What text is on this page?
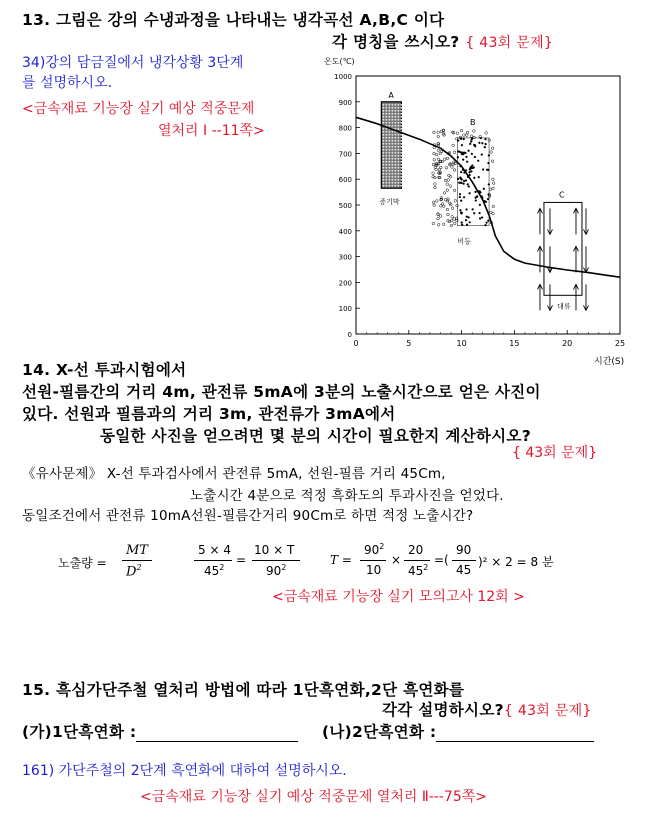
13. 그림은 강의 수냉과정을 나타내는 냉각곡선 A,B,C 이다
각 명칭을 쓰시오? { 43회 문제}
34)강의 담금질에서 냉각상황 3단계
를 설명하시오.
<금속재료 기능장 실기 예상 적중문제
열처리 Ⅰ --11쪽>
온도(℃)
시간(S)
0
100
200
300
400
500
600
700
800
900
1000
0	5	10	15	20	25
A
증기막
B
비등
C
대류
14. X-선 투과시험에서
선원-필름간의 거리 4m, 관전류 5mA에 3분의 노출시간으로 얻은 사진이
있다. 선원과 필름과의 거리 3m, 관전류가 3mA에서
동일한 사진을 얻으려면 몇 분의 시간이 필요한지 계산하시오?
{ 43회 문제}
《유사문제》 X-선 투과검사에서 관전류 5mA, 선원-필름 거리 45Cm,
노출시간 4분으로 적정 흑화도의 투과사진을 얻었다.
동일조건에서 관전류 10mA선원-필름간거리 90Cm로 하면 적정 노출시간?
노출량 =
MT
$D^2$
5 × 4
$45^2$
=
10 × T
$90^2$
T =
$90^2$
10
×
20
$45^2$
=(
90
45
)² × 2 = 8 분
<금속재료 기능장 실기 모의고사 12회 >
15. 흑심가단주철 열처리 방법에 따라 1단흑연화,2단 흑연화를
각각 설명하시오?{ 43회 문제}
(가)1단흑연화 :	(나)2단흑연화 :
161) 가단주철의 2단계 흑연화에 대하여 설명하시오.
<금속재료 기능장 실기 예상 적중문제 열처리 Ⅱ---75쪽>
